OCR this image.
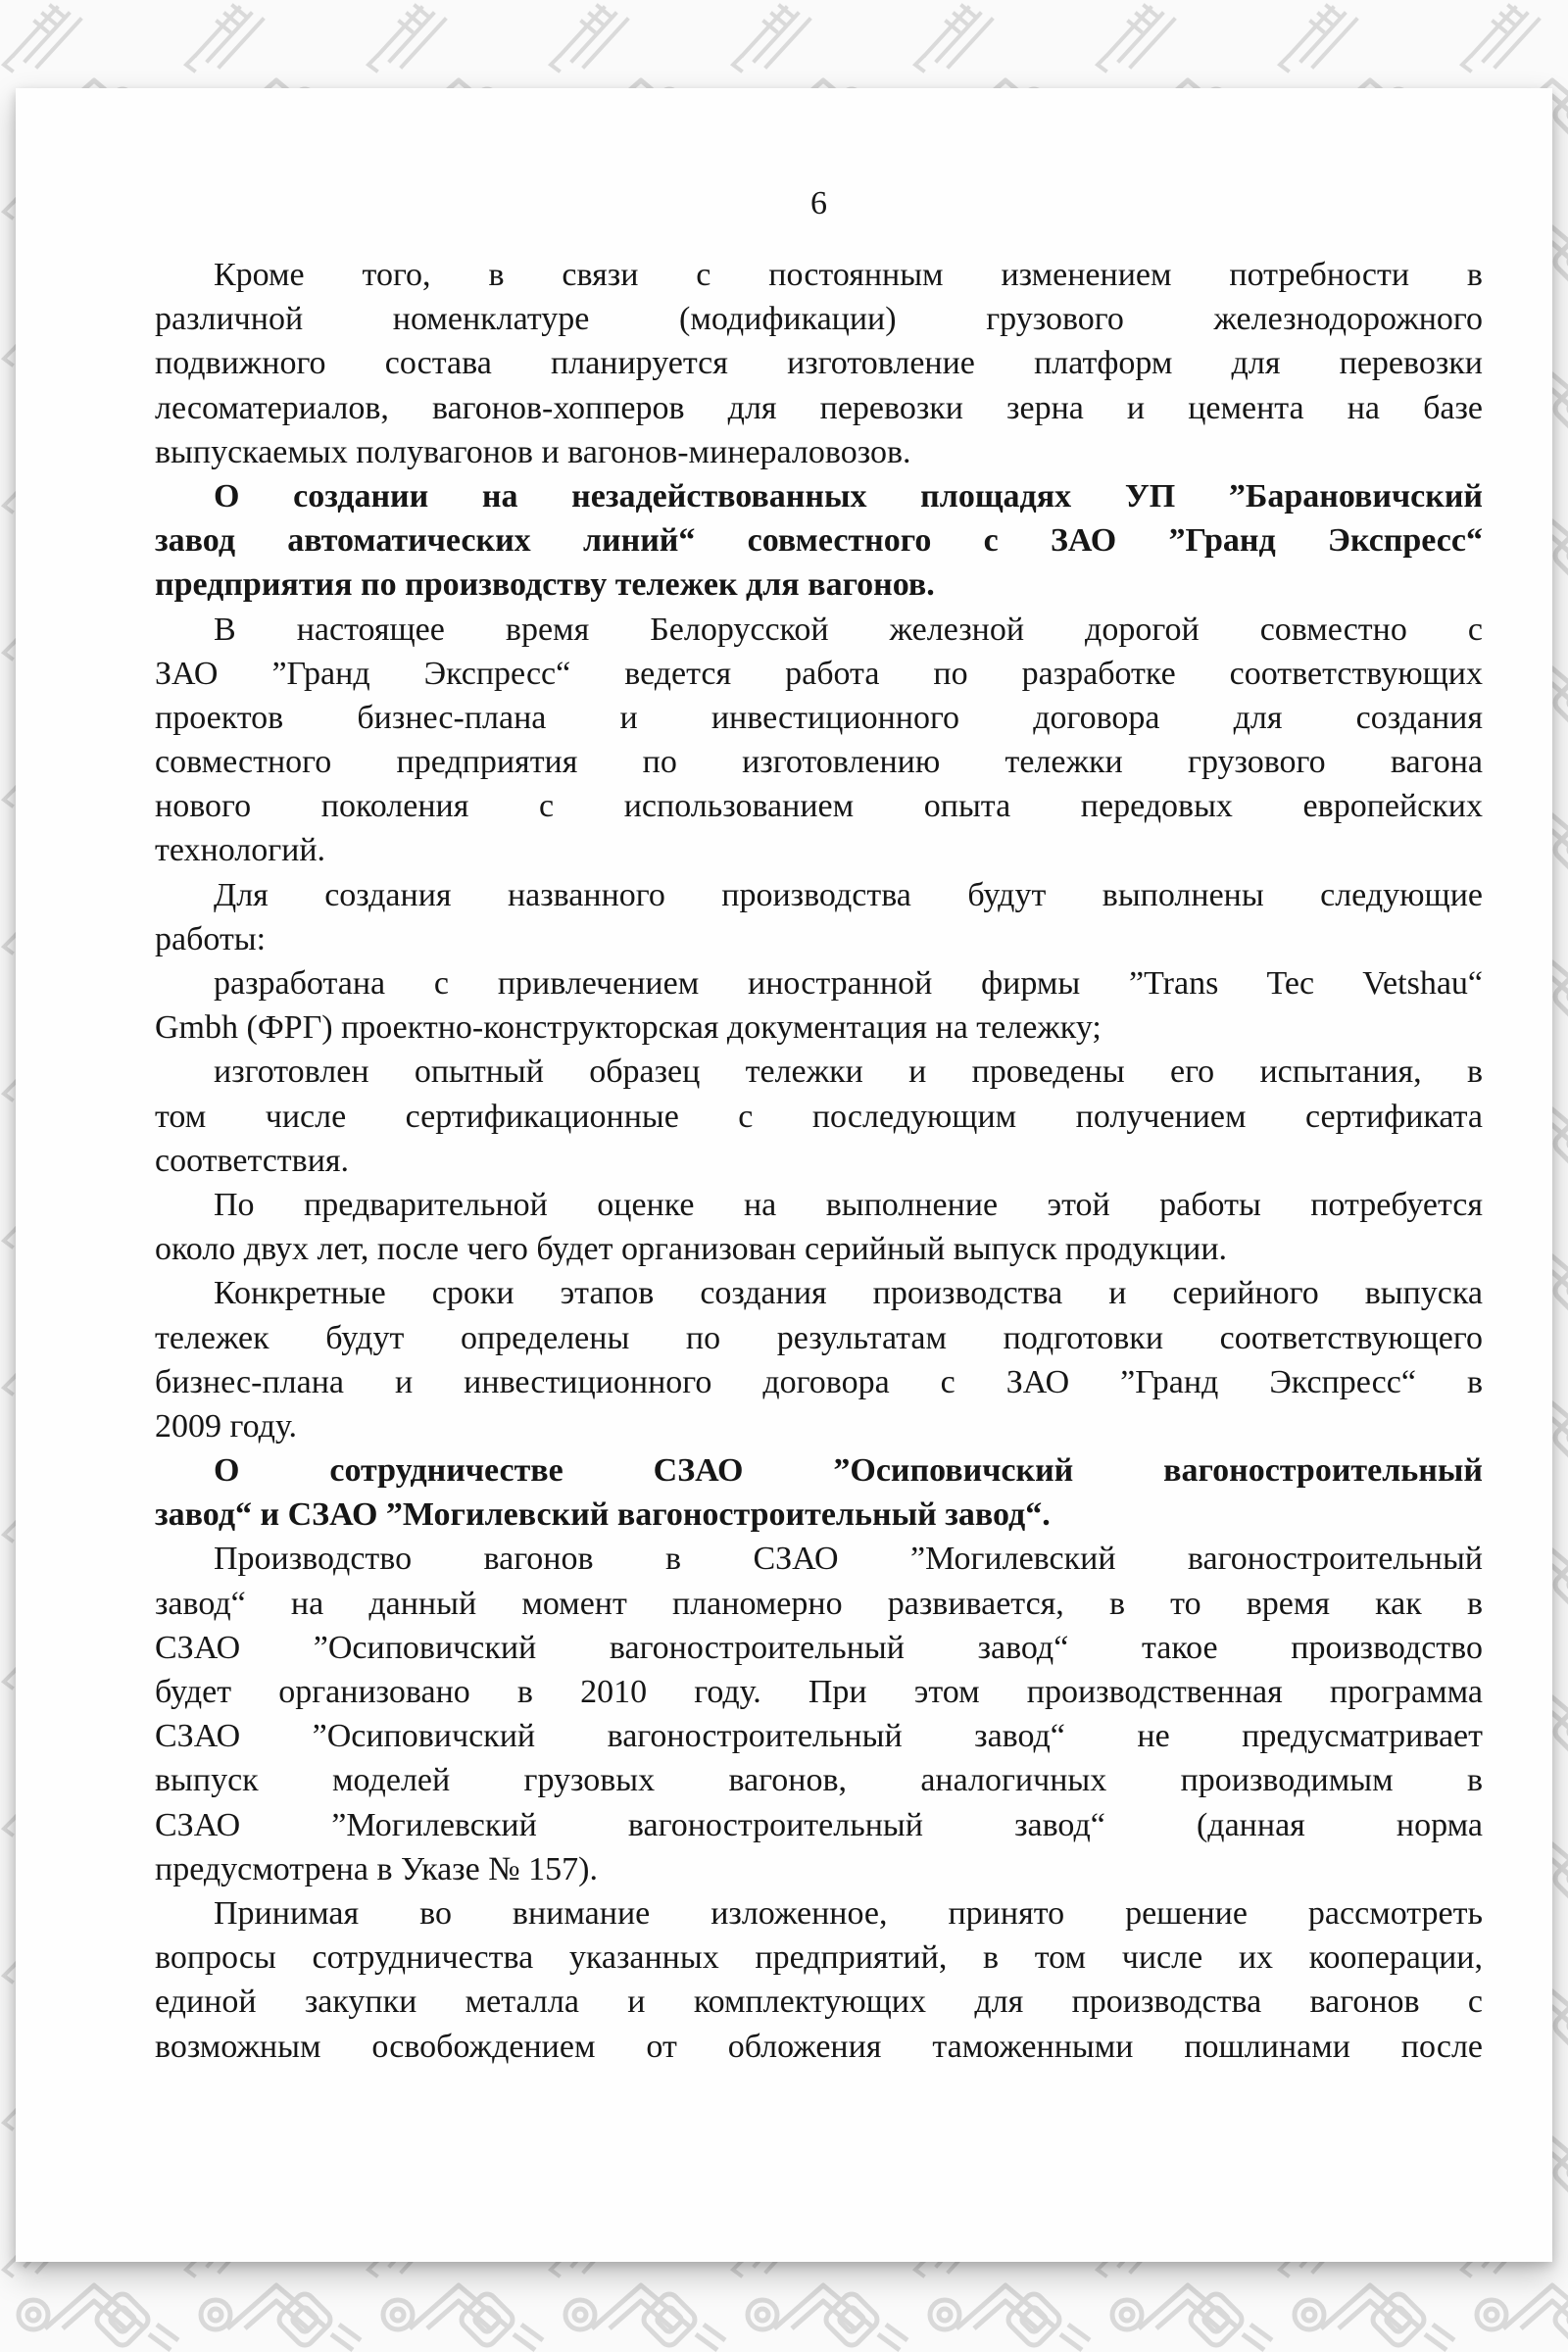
6
Кроме того, в связи с постоянным изменением потребности в
различной номенклатуре (модификации) грузового железнодорожного
подвижного состава планируется изготовление платформ для перевозки
лесоматериалов, вагонов-хопперов для перевозки зерна и цемента на базе
выпускаемых полувагонов и вагонов-минераловозов.
О создании на незадействованных площадях УП ”Барановичский
завод автоматических линий“ совместного с ЗАО ”Гранд Экспресс“
предприятия по производству тележек для вагонов.
В настоящее время Белорусской железной дорогой совместно с
ЗАО ”Гранд Экспресс“ ведется работа по разработке соответствующих
проектов бизнес-плана и инвестиционного договора для создания
совместного предприятия по изготовлению тележки грузового вагона
нового поколения с использованием опыта передовых европейских
технологий.
Для создания названного производства будут выполнены следующие
работы:
разработана с привлечением иностранной фирмы ”Trans Tec Vetshau“
Gmbh (ФРГ) проектно-конструкторская документация на тележку;
изготовлен опытный образец тележки и проведены его испытания, в
том числе сертификационные с последующим получением сертификата
соответствия.
По предварительной оценке на выполнение этой работы потребуется
около двух лет, после чего будет организован серийный выпуск продукции.
Конкретные сроки этапов создания производства и серийного выпуска
тележек будут определены по результатам подготовки соответствующего
бизнес-плана и инвестиционного договора с ЗАО ”Гранд Экспресс“ в
2009 году.
О сотрудничестве СЗАО ”Осиповичский вагоностроительный
завод“ и СЗАО ”Могилевский вагоностроительный завод“.
Производство вагонов в СЗАО ”Могилевский вагоностроительный
завод“ на данный момент планомерно развивается, в то время как в
СЗАО ”Осиповичский вагоностроительный завод“ такое производство
будет организовано в 2010 году. При этом производственная программа
СЗАО ”Осиповичский вагоностроительный завод“ не предусматривает
выпуск моделей грузовых вагонов, аналогичных производимым в
СЗАО ”Могилевский вагоностроительный завод“ (данная норма
предусмотрена в Указе № 157).
Принимая во внимание изложенное, принято решение рассмотреть
вопросы сотрудничества указанных предприятий, в том числе их кооперации,
единой закупки металла и комплектующих для производства вагонов с
возможным освобождением от обложения таможенными пошлинами после
